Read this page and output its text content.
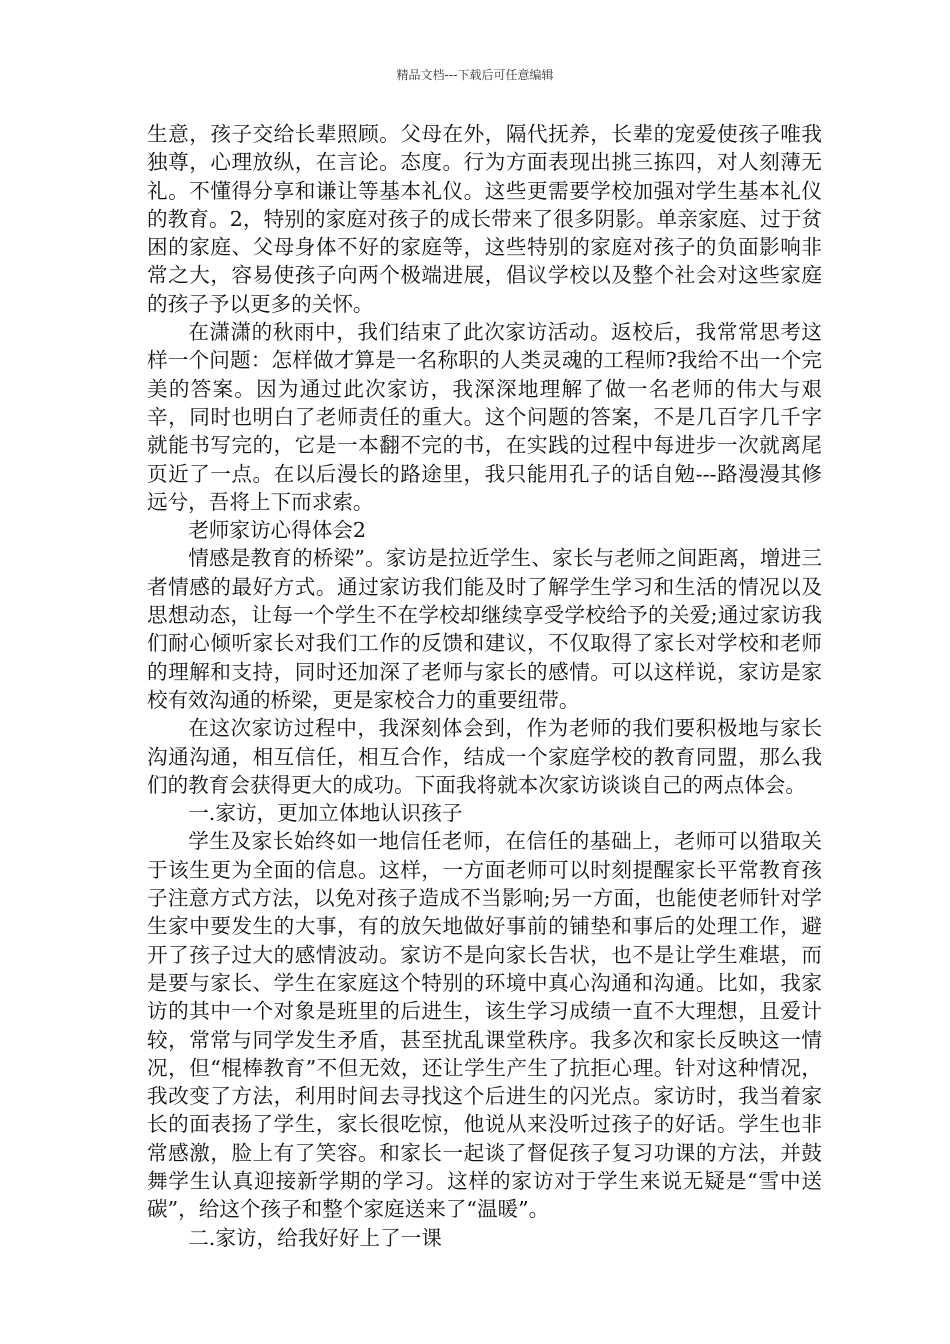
精品文档---下载后可任意编辑

生意，孩子交给长辈照顾。父母在外，隔代抚养，长辈的宠爱使孩子唯我独尊，心理放纵，在言论。态度。行为方面表现出挑三拣四，对人刻薄无礼。不懂得分享和谦让等基本礼仪。这些更需要学校加强对学生基本礼仪的教育。2，特别的家庭对孩子的成长带来了很多阴影。单亲家庭、过于贫困的家庭、父母身体不好的家庭等，这些特别的家庭对孩子的负面影响非常之大，容易使孩子向两个极端进展，倡议学校以及整个社会对这些家庭的孩子予以更多的关怀。

在潇潇的秋雨中，我们结束了此次家访活动。返校后，我常常思考这样一个问题：怎样做才算是一名称职的人类灵魂的工程师?我给不出一个完美的答案。因为通过此次家访，我深深地理解了做一名老师的伟大与艰辛，同时也明白了老师责任的重大。这个问题的答案，不是几百字几千字就能书写完的，它是一本翻不完的书，在实践的过程中每进步一次就离尾页近了一点。在以后漫长的路途里，我只能用孔子的话自勉---路漫漫其修远兮，吾将上下而求索。

老师家访心得体会2

情感是教育的桥梁”。家访是拉近学生、家长与老师之间距离，增进三者情感的最好方式。通过家访我们能及时了解学生学习和生活的情况以及思想动态，让每一个学生不在学校却继续享受学校给予的关爱;通过家访我们耐心倾听家长对我们工作的反馈和建议，不仅取得了家长对学校和老师的理解和支持，同时还加深了老师与家长的感情。可以这样说，家访是家校有效沟通的桥梁，更是家校合力的重要纽带。

在这次家访过程中，我深刻体会到，作为老师的我们要积极地与家长沟通沟通，相互信任，相互合作，结成一个家庭学校的教育同盟，那么我们的教育会获得更大的成功。下面我将就本次家访谈谈自己的两点体会。

一.家访，更加立体地认识孩子

学生及家长始终如一地信任老师，在信任的基础上，老师可以猎取关于该生更为全面的信息。这样，一方面老师可以时刻提醒家长平常教育孩子注意方式方法，以免对孩子造成不当影响;另一方面，也能使老师针对学生家中要发生的大事，有的放矢地做好事前的铺垫和事后的处理工作，避开了孩子过大的感情波动。家访不是向家长告状，也不是让学生难堪，而是要与家长、学生在家庭这个特别的环境中真心沟通和沟通。比如，我家访的其中一个对象是班里的后进生，该生学习成绩一直不大理想，且爱计较，常常与同学发生矛盾，甚至扰乱课堂秩序。我多次和家长反映这一情况，但“棍棒教育”不但无效，还让学生产生了抗拒心理。针对这种情况，我改变了方法，利用时间去寻找这个后进生的闪光点。家访时，我当着家长的面表扬了学生，家长很吃惊，他说从来没听过孩子的好话。学生也非常感激，脸上有了笑容。和家长一起谈了督促孩子复习功课的方法，并鼓舞学生认真迎接新学期的学习。这样的家访对于学生来说无疑是“雪中送碳”，给这个孩子和整个家庭送来了“温暖”。

二.家访，给我好好上了一课
